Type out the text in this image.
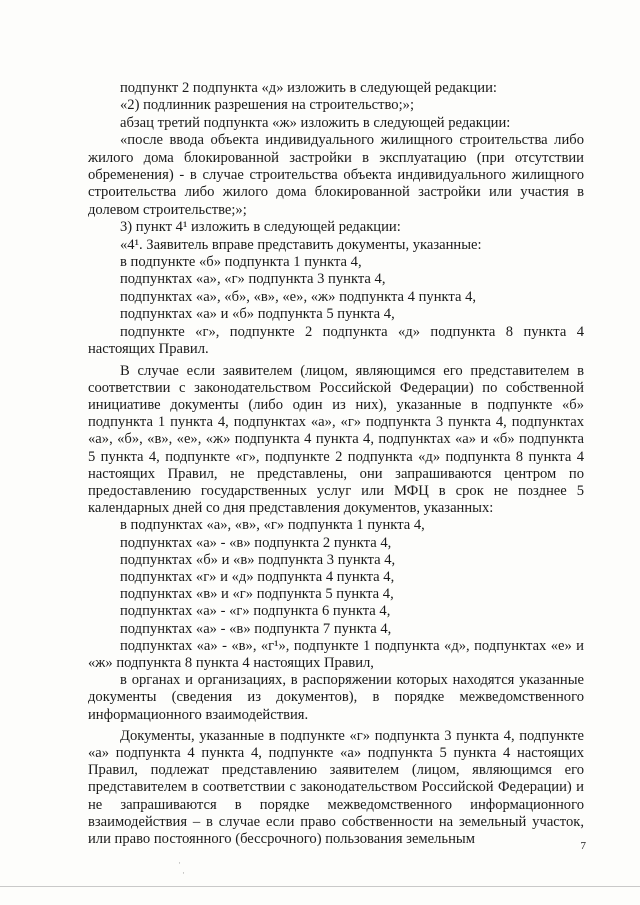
подпункт 2 подпункта «д» изложить в следующей редакции:

«2) подлинник разрешения на строительство;»;

абзац третий подпункта «ж» изложить в следующей редакции:

«после ввода объекта индивидуального жилищного строительства либо жилого дома блокированной застройки в эксплуатацию (при отсутствии обременения) - в случае строительства объекта индивидуального жилищного строительства либо жилого дома блокированной застройки или участия в долевом строительстве;»;

3) пункт 4¹ изложить в следующей редакции:

«4¹. Заявитель вправе представить документы, указанные:

в подпункте «б» подпункта 1 пункта 4,

подпунктах «а», «г» подпункта 3 пункта 4,

подпунктах «а», «б», «в», «е», «ж» подпункта 4 пункта 4,

подпунктах «а» и «б» подпункта 5 пункта 4,

подпункте «г», подпункте 2 подпункта «д» подпункта 8 пункта 4 настоящих Правил.

В случае если заявителем (лицом, являющимся его представителем в соответствии с законодательством Российской Федерации) по собственной инициативе документы (либо один из них), указанные в подпункте «б» подпункта 1 пункта 4, подпунктах «а», «г» подпункта 3 пункта 4, подпунктах «а», «б», «в», «е», «ж» подпункта 4 пункта 4, подпунктах «а» и «б» подпункта 5 пункта 4, подпункте «г», подпункте 2 подпункта «д» подпункта 8 пункта 4 настоящих Правил, не представлены, они запрашиваются центром по предоставлению государственных услуг или МФЦ в срок не позднее 5 календарных дней со дня представления документов, указанных:

в подпунктах «а», «в», «г» подпункта 1 пункта 4,

подпунктах «а» - «в» подпункта 2 пункта 4,

подпунктах «б» и «в» подпункта 3 пункта 4,

подпунктах «г» и «д» подпункта 4 пункта 4,

подпунктах «в» и «г» подпункта 5 пункта 4,

подпунктах «а» - «г» подпункта 6 пункта 4,

подпунктах «а» - «в» подпункта 7 пункта 4,

подпунктах «а» - «в», «г¹», подпункте 1 подпункта «д», подпунктах «е» и «ж» подпункта 8 пункта 4 настоящих Правил,

в органах и организациях, в распоряжении которых находятся указанные документы (сведения из документов), в порядке межведомственного информационного взаимодействия.

Документы, указанные в подпункте «г» подпункта 3 пункта 4, подпункте «а» подпункта 4 пункта 4, подпункте «а» подпункта 5 пункта 4 настоящих Правил, подлежат представлению заявителем (лицом, являющимся его представителем в соответствии с законодательством Российской Федерации) и не запрашиваются в порядке межведомственного информационного взаимодействия – в случае если право собственности на земельный участок, или право постоянного (бессрочного) пользования земельным	7
·
·
